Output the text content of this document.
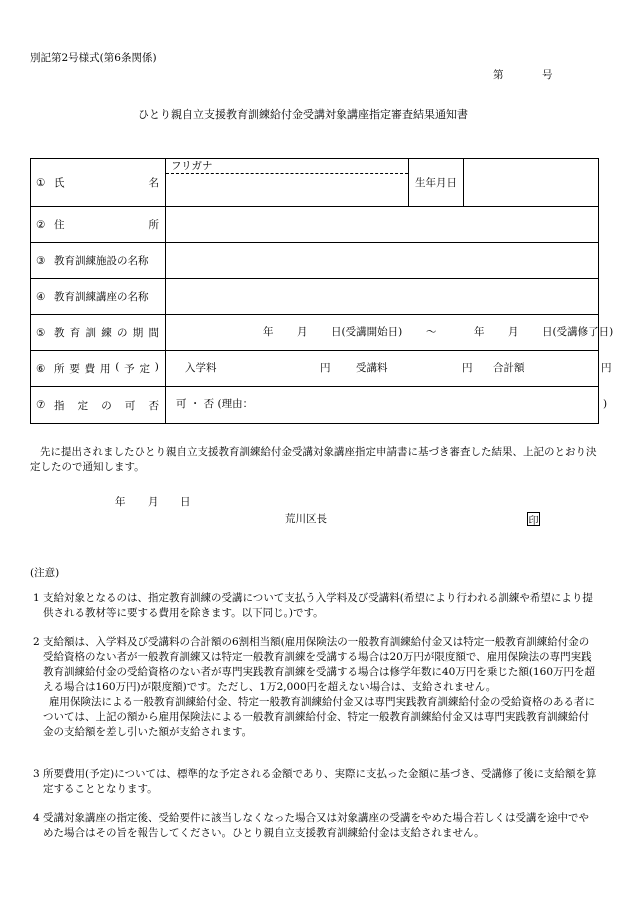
別記第2号様式(第6条関係)
第	号
ひとり親自立支援教育訓練給付金受講対象講座指定審査結果通知書
① 氏	名
フリガナ
生年月日
② 住	所
③ 教育訓練施設の名称
④ 教育訓練講座の名称
⑤ 教 育 訓 練 の 期 間	年 月 日(受講開始日) ～	年 月 日(受講修了日)
⑥ 所 要 費 用 ( 予 定 ) 入学料	円 受講料	円 合計額	円
⑦ 指 定 の 可 否 可 ・ 否 (理由：	)
先に提出されましたひとり親自立支援教育訓練給付金受講対象講座指定申請書に基づき審査した結果、上記のとおり決定したので通知します。
年 月 日
荒川区長	印
(注意)
1 支給対象となるのは、指定教育訓練の受講について支払う入学料及び受講料(希望により行われる訓練や希望により提供される教材等に要する費用を除きます。以下同じ。)です。
2 支給額は、入学料及び受講料の合計額の6割相当額(雇用保険法の一般教育訓練給付金又は特定一般教育訓練給付金の受給資格のない者が一般教育訓練又は特定一般教育訓練を受講する場合は20万円が限度額で、雇用保険法の専門実践教育訓練給付金の受給資格のない者が専門実践教育訓練を受講する場合は修学年数に40万円を乗じた額(160万円を超える場合は160万円)が限度額)です。ただし、1万2,000円を超えない場合は、支給されません。
雇用保険法による一般教育訓練給付金、特定一般教育訓練給付金又は専門実践教育訓練給付金の受給資格のある者については、上記の額から雇用保険法による一般教育訓練給付金、特定一般教育訓練給付金又は専門実践教育訓練給付金の支給額を差し引いた額が支給されます。
3 所要費用(予定)については、標準的な予定される金額であり、実際に支払った金額に基づき、受講修了後に支給額を算定することとなります。
4 受講対象講座の指定後、受給要件に該当しなくなった場合又は対象講座の受講をやめた場合若しくは受講を途中でやめた場合はその旨を報告してください。ひとり親自立支援教育訓練給付金は支給されません。
